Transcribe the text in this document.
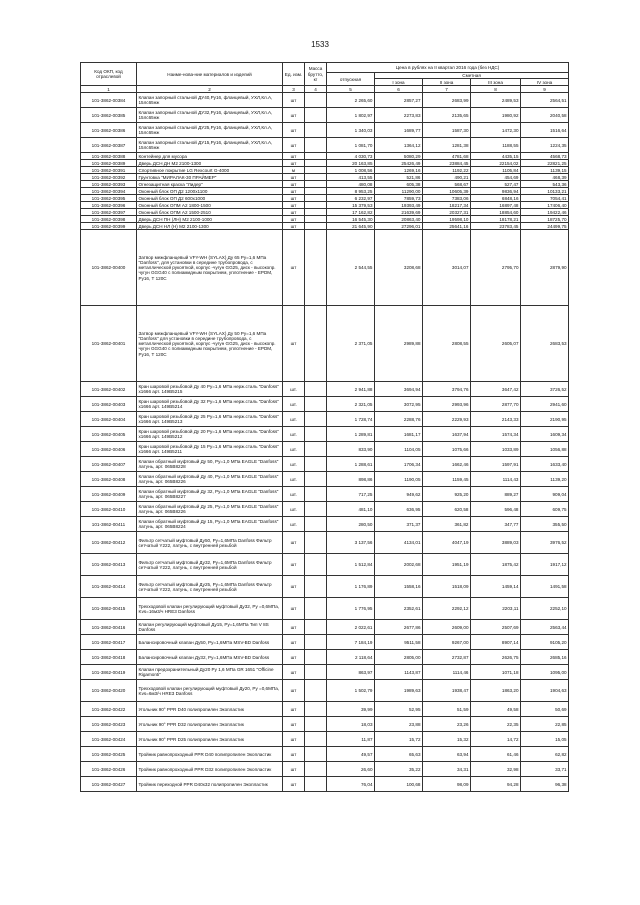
1533
Код ОКП, код отраслевой	Наиме-нова-ние материалов и изделий	Ед. изм.	Масса брутто, кг	Цена в рублях на II квартал 2016 года (без НДС)				
				отпускная	Сметная			
					I зона	II зона	III зона	IV зона
1	2	3	4	5	6	7	8	9
101-3862-00384	Клапан запорный стальной ДУ40,Ру16, фланцевый, УХЛ,Кл.А, 15лс65нж	шт		2 265,60	2857,27	2683,99	2489,53	2564,51
101-3862-00385	Клапан запорный стальной ДУ32,Ру16, фланцевый, УХЛ,Кл.А, 15лс65нж	шт		1 802,97	2273,83	2135,65	1980,92	2040,58
101-3862-00386	Клапан запорный стальной ДУ25,Ру16, фланцевый, УХЛ,Кл.А, 15лс65нж	шт		1 340,03	1689,77	1587,30	1472,30	1516,64
101-3862-00387	Клапан запорный стальной ДУ15,Ру16, фланцевый, УХЛ,Кл.А, 15лс65нж	шт		1 081,70	1364,12	1281,38	1188,55	1224,35
101-3862-00388	Контейнер для мусора	шт		4 030,73	5080,29	4781,68	4435,15	4568,73
101-3862-00389	Дверь ДСН ДН М2 2100-1300	шт		20 163,85	25426,49	23884,45	22154,02	22821,25
101-3862-00391	Спортивное покрытие LG Rexcourt G-4000	м		1 008,56	1269,16	1192,22	1105,84	1139,15
101-3862-00392	Грунтовка "МИРАЛАК-30 ПРАЙМЕР"	шт		413,55	521,86	490,21	454,69	468,39
101-3862-00393	Огнезащитная краска "Лидер"	шт		480,08	605,38	568,67	527,47	543,36
101-3862-00394	Оконный блок ОП Д2 1200х1100	шт		8 953,25	11290,00	10605,39	9836,94	10133,21
101-3862-00395	Оконный блок ОП Д2 600х1000	шт		6 232,97	7859,73	7383,06	6848,16	7054,41
101-3862-00396	Оконный блок ОПМ А2 1800-1500	шт		15 379,53	19393,49	18217,34	16897,48	17406,40
101-3862-00397	Оконный блок ОПМ А2 1500-2510	шт		17 162,82	21639,69	20327,31	18854,60	19422,46
101-3862-00398	Дверь ДСН ПН (ЛН) М2 2100-1000	шт		16 545,30	20863,40	19598,10	18178,21	18725,70
101-3862-00399	Дверь ДСН НЛ (Н) М2 2100-1300	шт		21 645,90	27296,01	25641,16	23783,45	24499,75
101-3862-00400	Затвор межфланцевый VFY-WH (SYLAX) Ду 65 Ру=1,6 МПа "Danfoss", для установки в середине трубопровода, с металлической рукояткой, корпус -чугун GG25, диск - высокопр. чугун GGG40 с полиамидным покрытием, уплотнение - EPDM, Ру16, Т 120С	шт		2 544,55	3208,68	3014,07	2795,70	2879,90
101-3862-00401	Затвор межфланцевый VFY-WH (SYLAX) Ду 50 Ру=1,6 МПа "Danfoss" для установки в середине трубопровода, с металлической рукояткой, корпус -чугун GG25, диск - высокопр. чугун GGG40 с полиамидным покрытием, уплотнение - EPDM, Ру16, Т 120С	шт		2 371,05	2989,88	2808,55	2605,07	2683,53
101-3862-00402	Кран шаровой резьбовой Ду 40 Ру=1,6 МПа нерж.сталь "Danfoss" x1666 арт. 149B5215	шт.		2 941,88	3694,94	3794,76	3647,42	3726,52
101-3862-00403	Кран шаровой резьбовой Ду 32 Ру=1,6 МПа нерж.сталь "Danfoss" x1666 арт. 149B5214	шт.		2 321,05	3072,95	2993,96	2877,70	2941,60
101-3862-00404	Кран шаровой резьбовой Ду 25 Ру=1,6 МПа нерж.сталь "Danfoss" x1666 арт. 149B5213	шт.		1 728,74	2288,76	2229,93	2143,33	2190,95
101-3862-00405	Кран шаровой резьбовой Ду 20 Ру=1,6 МПа нерж.сталь "Danfoss" x1666 арт. 149B5212	шт.		1 289,81	1681,17	1637,94	1574,34	1609,34
101-3862-00406	Кран шаровой резьбовой Ду 15 Ру=1,6 МПа нерж.сталь "Danfoss" x1666 арт. 149B5211	шт.		833,90	1104,05	1075,66	1033,89	1056,88
101-3862-00407	Клапан обратный муфтовый Ду 50, Ру=1,0 МПа EAGLE "Danfoss" латунь, арт. 065B8228	шт.		1 288,61	1706,34	1662,46	1597,91	1633,40
101-3862-00408	Клапан обратный муфтовый Ду 40, Ру=1,0 МПа EAGLE "Danfoss" латунь, арт. 065B8226	шт.		898,86	1190,05	1159,45	1114,43	1139,20
101-3862-00409	Клапан обратный муфтовый Ду 32, Ру=1,0 МПа EAGLE "Danfoss" латунь, арт. 065B8227	шт.		717,25	949,62	925,20	889,27	909,04
101-3862-00410	Клапан обратный муфтовый Ду 25, Ру=1,0 МПа EAGLE "Danfoss" латунь, арт. 065B8226	шт.		481,10	636,95	620,58	596,48	609,75
101-3862-00411	Клапан обратный муфтовый Ду 15, Ру=1,0 МПа EAGLE "Danfoss" латунь, арт. 065B8224	шт.		280,50	371,37	361,82	347,77	355,50
101-3862-00412	Фильтр сетчатый муфтовый Ду50, Ру=1,6МПа Danfoss Фильтр сетчатый Y222, латунь, с внутренней резьбой	шт		3 137,56	4134,01	4047,19	3889,03	3976,52
101-3862-00413	Фильтр сетчатый муфтовый Ду32, Ру=1,6МПа Danfoss Фильтр сетчатый Y222, латунь, с внутренней резьбой	шт		1 512,84	2002,68	1951,19	1875,42	1917,12
101-3862-00414	Фильтр сетчатый муфтовый Ду25, Ру=1,6МПа Danfoss Фильтр сетчатый Y222, латунь, с внутренней резьбой	шт		1 176,89	1558,16	1518,09	1459,14	1491,58
101-3862-00415	Трехходовой клапан регулирующий муфтовый Ду32, Ру =0,6МПа, Kvs=16м3/ч HRE3 Danfoss	шт		1 776,95	2352,61	2292,12	2203,11	2252,10
101-3862-00416	Клапан регулирующий муфтовый Ду15, Ру=1,6МПа Тип V 8S Danfoss	шт		2 022,61	2677,86	2609,00	2507,69	2563,44
101-3862-00417	Балансировочный клапан Ду50, Ру=1,6МПа MSV-BD Danfoss	шт		7 184,19	9511,58	9267,00	8907,14	9105,20
101-3862-00418	Балансировочный клапан Ду32, Ру=1,6МПа MSV-BD Danfoss	шт		2 118,64	2805,00	2732,87	2626,75	2685,16
101-3862-00419	Клапан предохранительный Ду20 Ру 1,6 МПа GR 1651 "Officine Rigamonti"	шт		863,97	1143,87	1114,46	1071,18	1095,00
101-3862-00420	Трехходовой клапан регулирующий муфтовый Ду20, Ру =0,6МПа, Kvs=6м3/ч HRE3 Danfoss	шт		1 502,79	1989,63	1938,47	1863,20	1904,63
101-3862-00422	Угольник 90° PPR D40 полипропилен Экопластик	шт		39,99	52,95	51,59	49,58	50,69
101-3862-00423	Угольник 90° PPR D32 полипропилен Экопластик	шт		18,03	23,88	23,26	22,35	22,85
101-3862-00424	Угольник 90° PPR D25 полипропилен Экопластик	шт		11,87	15,72	15,32	14,72	15,05
101-3862-00425	Тройник равнопроходный PPR D40 полипропилен Экопластик	шт		49,57	65,63	63,94	61,46	62,82
101-3862-00426	Тройник равнопроходный PPR D32 полипропилен Экопластик	шт		26,60	35,22	34,31	32,98	33,71
101-3862-00427	Тройник переходной PPR D40x32 полипропилен Экопластик	шт		76,04	100,68	98,09	94,28	96,38
